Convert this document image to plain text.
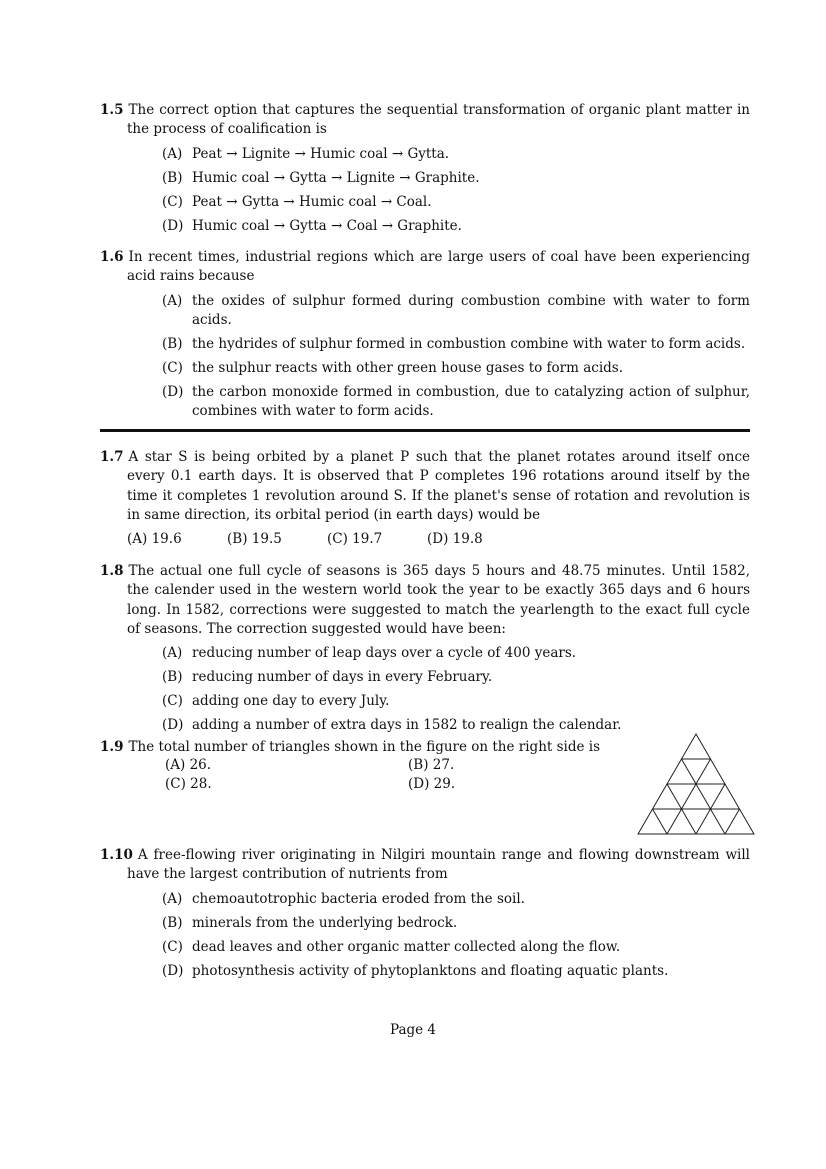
1.5 The correct option that captures the sequential transformation of organic plant matter in the process of coalification is
(A) Peat → Lignite → Humic coal → Gytta.
(B) Humic coal → Gytta → Lignite → Graphite.
(C) Peat → Gytta → Humic coal → Coal.
(D) Humic coal → Gytta → Coal → Graphite.
1.6 In recent times, industrial regions which are large users of coal have been experiencing acid rains because
(A) the oxides of sulphur formed during combustion combine with water to form acids.
(B) the hydrides of sulphur formed in combustion combine with water to form acids.
(C) the sulphur reacts with other green house gases to form acids.
(D) the carbon monoxide formed in combustion, due to catalyzing action of sulphur, combines with water to form acids.
1.7 A star S is being orbited by a planet P such that the planet rotates around itself once every 0.1 earth days. It is observed that P completes 196 rotations around itself by the time it completes 1 revolution around S. If the planet's sense of rotation and revolution is in same direction, its orbital period (in earth days) would be
(A) 19.6	(B) 19.5	(C) 19.7	(D) 19.8
1.8 The actual one full cycle of seasons is 365 days 5 hours and 48.75 minutes. Until 1582, the calender used in the western world took the year to be exactly 365 days and 6 hours long. In 1582, corrections were suggested to match the yearlength to the exact full cycle of seasons. The correction suggested would have been:
(A) reducing number of leap days over a cycle of 400 years.
(B) reducing number of days in every February.
(C) adding one day to every July.
(D) adding a number of extra days in 1582 to realign the calendar.
1.9 The total number of triangles shown in the figure on the right side is
(A) 26.	(B) 27.
(C) 28.	(D) 29.
1.10 A free-flowing river originating in Nilgiri mountain range and flowing downstream will have the largest contribution of nutrients from
(A) chemoautotrophic bacteria eroded from the soil.
(B) minerals from the underlying bedrock.
(C) dead leaves and other organic matter collected along the flow.
(D) photosynthesis activity of phytoplanktons and floating aquatic plants.
Page 4
